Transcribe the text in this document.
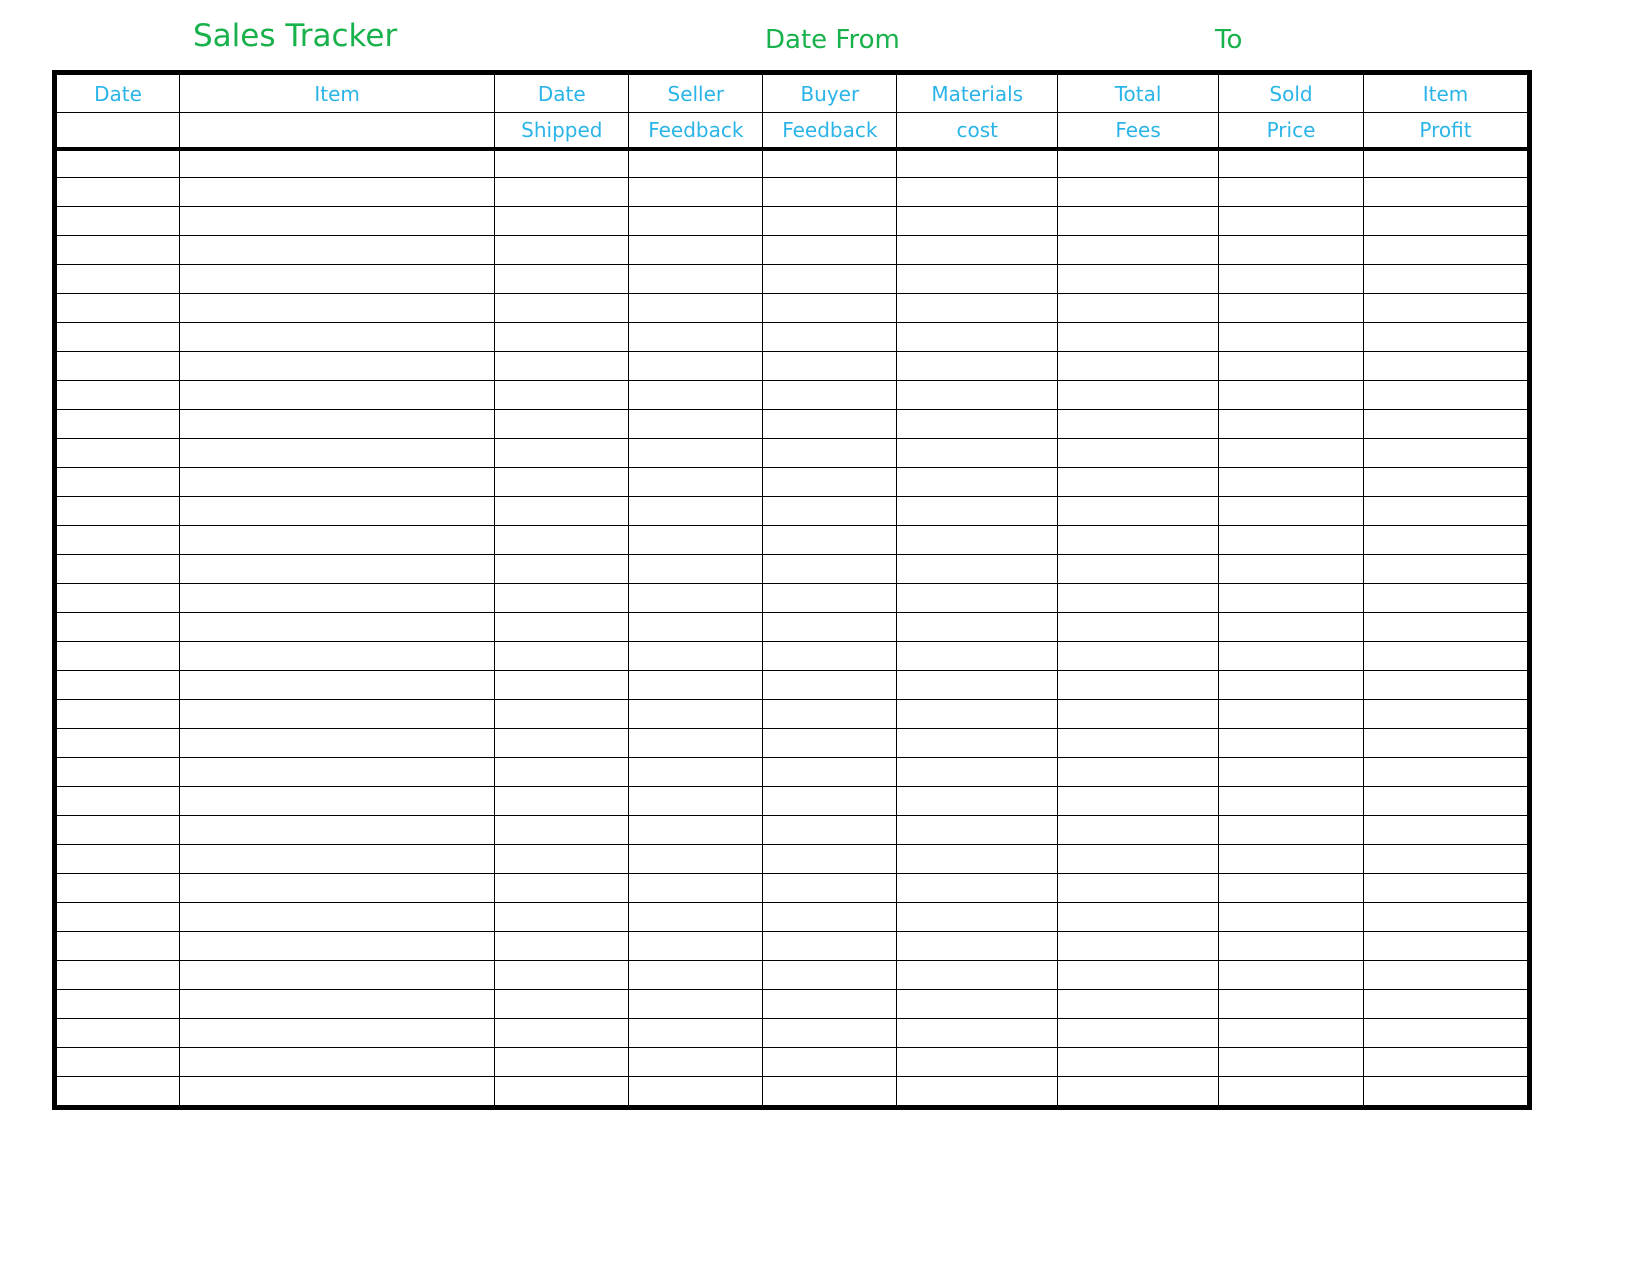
Sales Tracker	Date From	To
Date	Item	Date	Seller	Buyer	Materials	Total	Sold	Item
		Shipped	Feedback	Feedback	cost	Fees	Price	Profit
